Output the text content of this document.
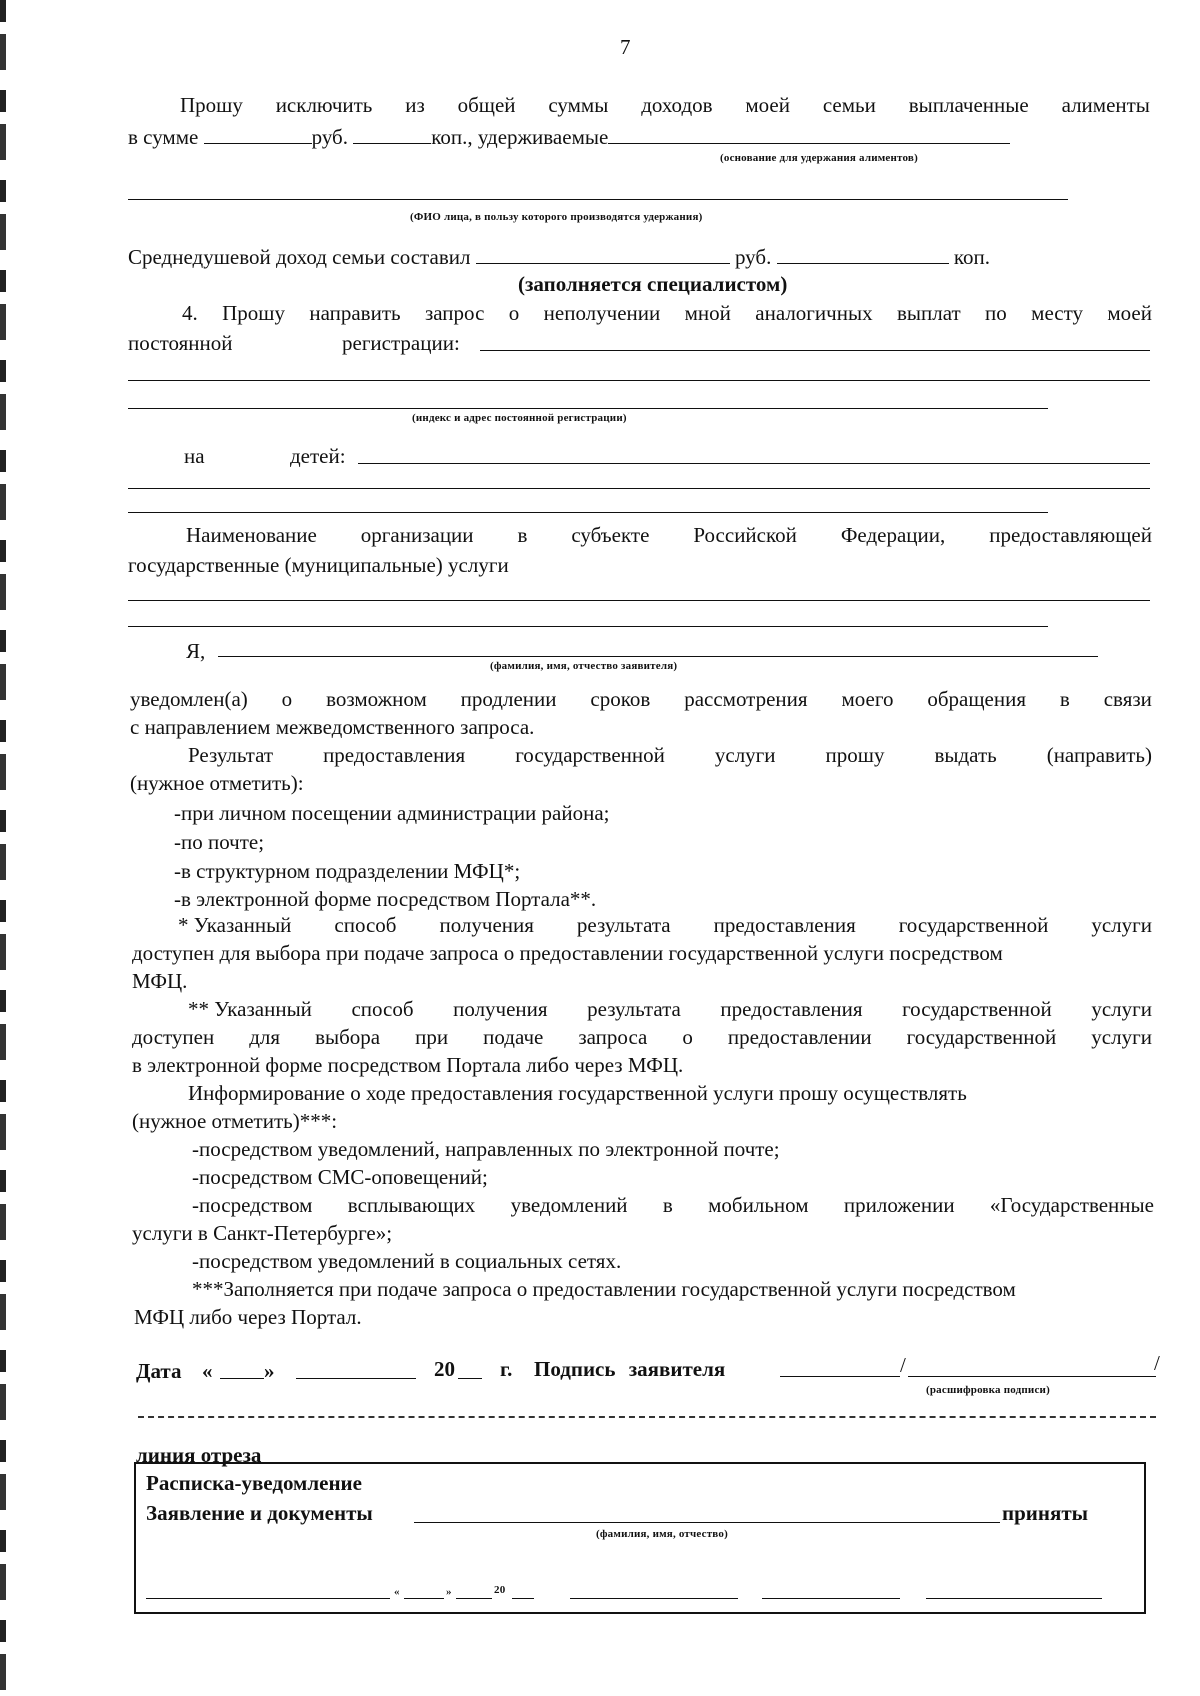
7
Прошу исключить из общей суммы доходов моей семьи выплаченные алименты
в сумме	руб.	коп., удерживаемые
(основание для удержания алиментов)
(ФИО лица, в пользу которого производятся удержания)
Среднедушевой доход семьи составил	руб.	коп.
(заполняется специалистом)
4. Прошу направить запрос о неполучении мной аналогичных выплат по месту моей
постоянной	регистрации:
(индекс и адрес постоянной регистрации)
на	детей:
Наименование организации в субъекте Российской Федерации, предоставляющей
государственные (муниципальные) услуги
Я,
(фамилия, имя, отчество заявителя)
уведомлен(а) о возможном продлении сроков рассмотрения моего обращения в связи
с направлением межведомственного запроса.
Результат предоставления государственной услуги прошу выдать (направить)
(нужное отметить):
-при личном посещении администрации района;
-по почте;
-в структурном подразделении МФЦ*;
-в электронной форме посредством Портала**.
* Указанный способ получения результата предоставления государственной услуги
доступен для выбора при подаче запроса о предоставлении государственной услуги посредством
МФЦ.
** Указанный способ получения результата предоставления государственной услуги
доступен для выбора при подаче запроса о предоставлении государственной услуги
в электронной форме посредством Портала либо через МФЦ.
Информирование о ходе предоставления государственной услуги прошу осуществлять
(нужное отметить)***:
-посредством уведомлений, направленных по электронной почте;
-посредством СМС-оповещений;
-посредством всплывающих уведомлений в мобильном приложении «Государственные
услуги в Санкт-Петербурге»;
-посредством уведомлений в социальных сетях.
***Заполняется при подаче запроса о предоставлении государственной услуги посредством
МФЦ либо через Портал.
Дата « »	20 г. Подпись заявителя	/	/
(расшифровка подписи)
линия отреза
Расписка-уведомление
Заявление и документы	приняты
(фамилия, имя, отчество)
«	»	20
